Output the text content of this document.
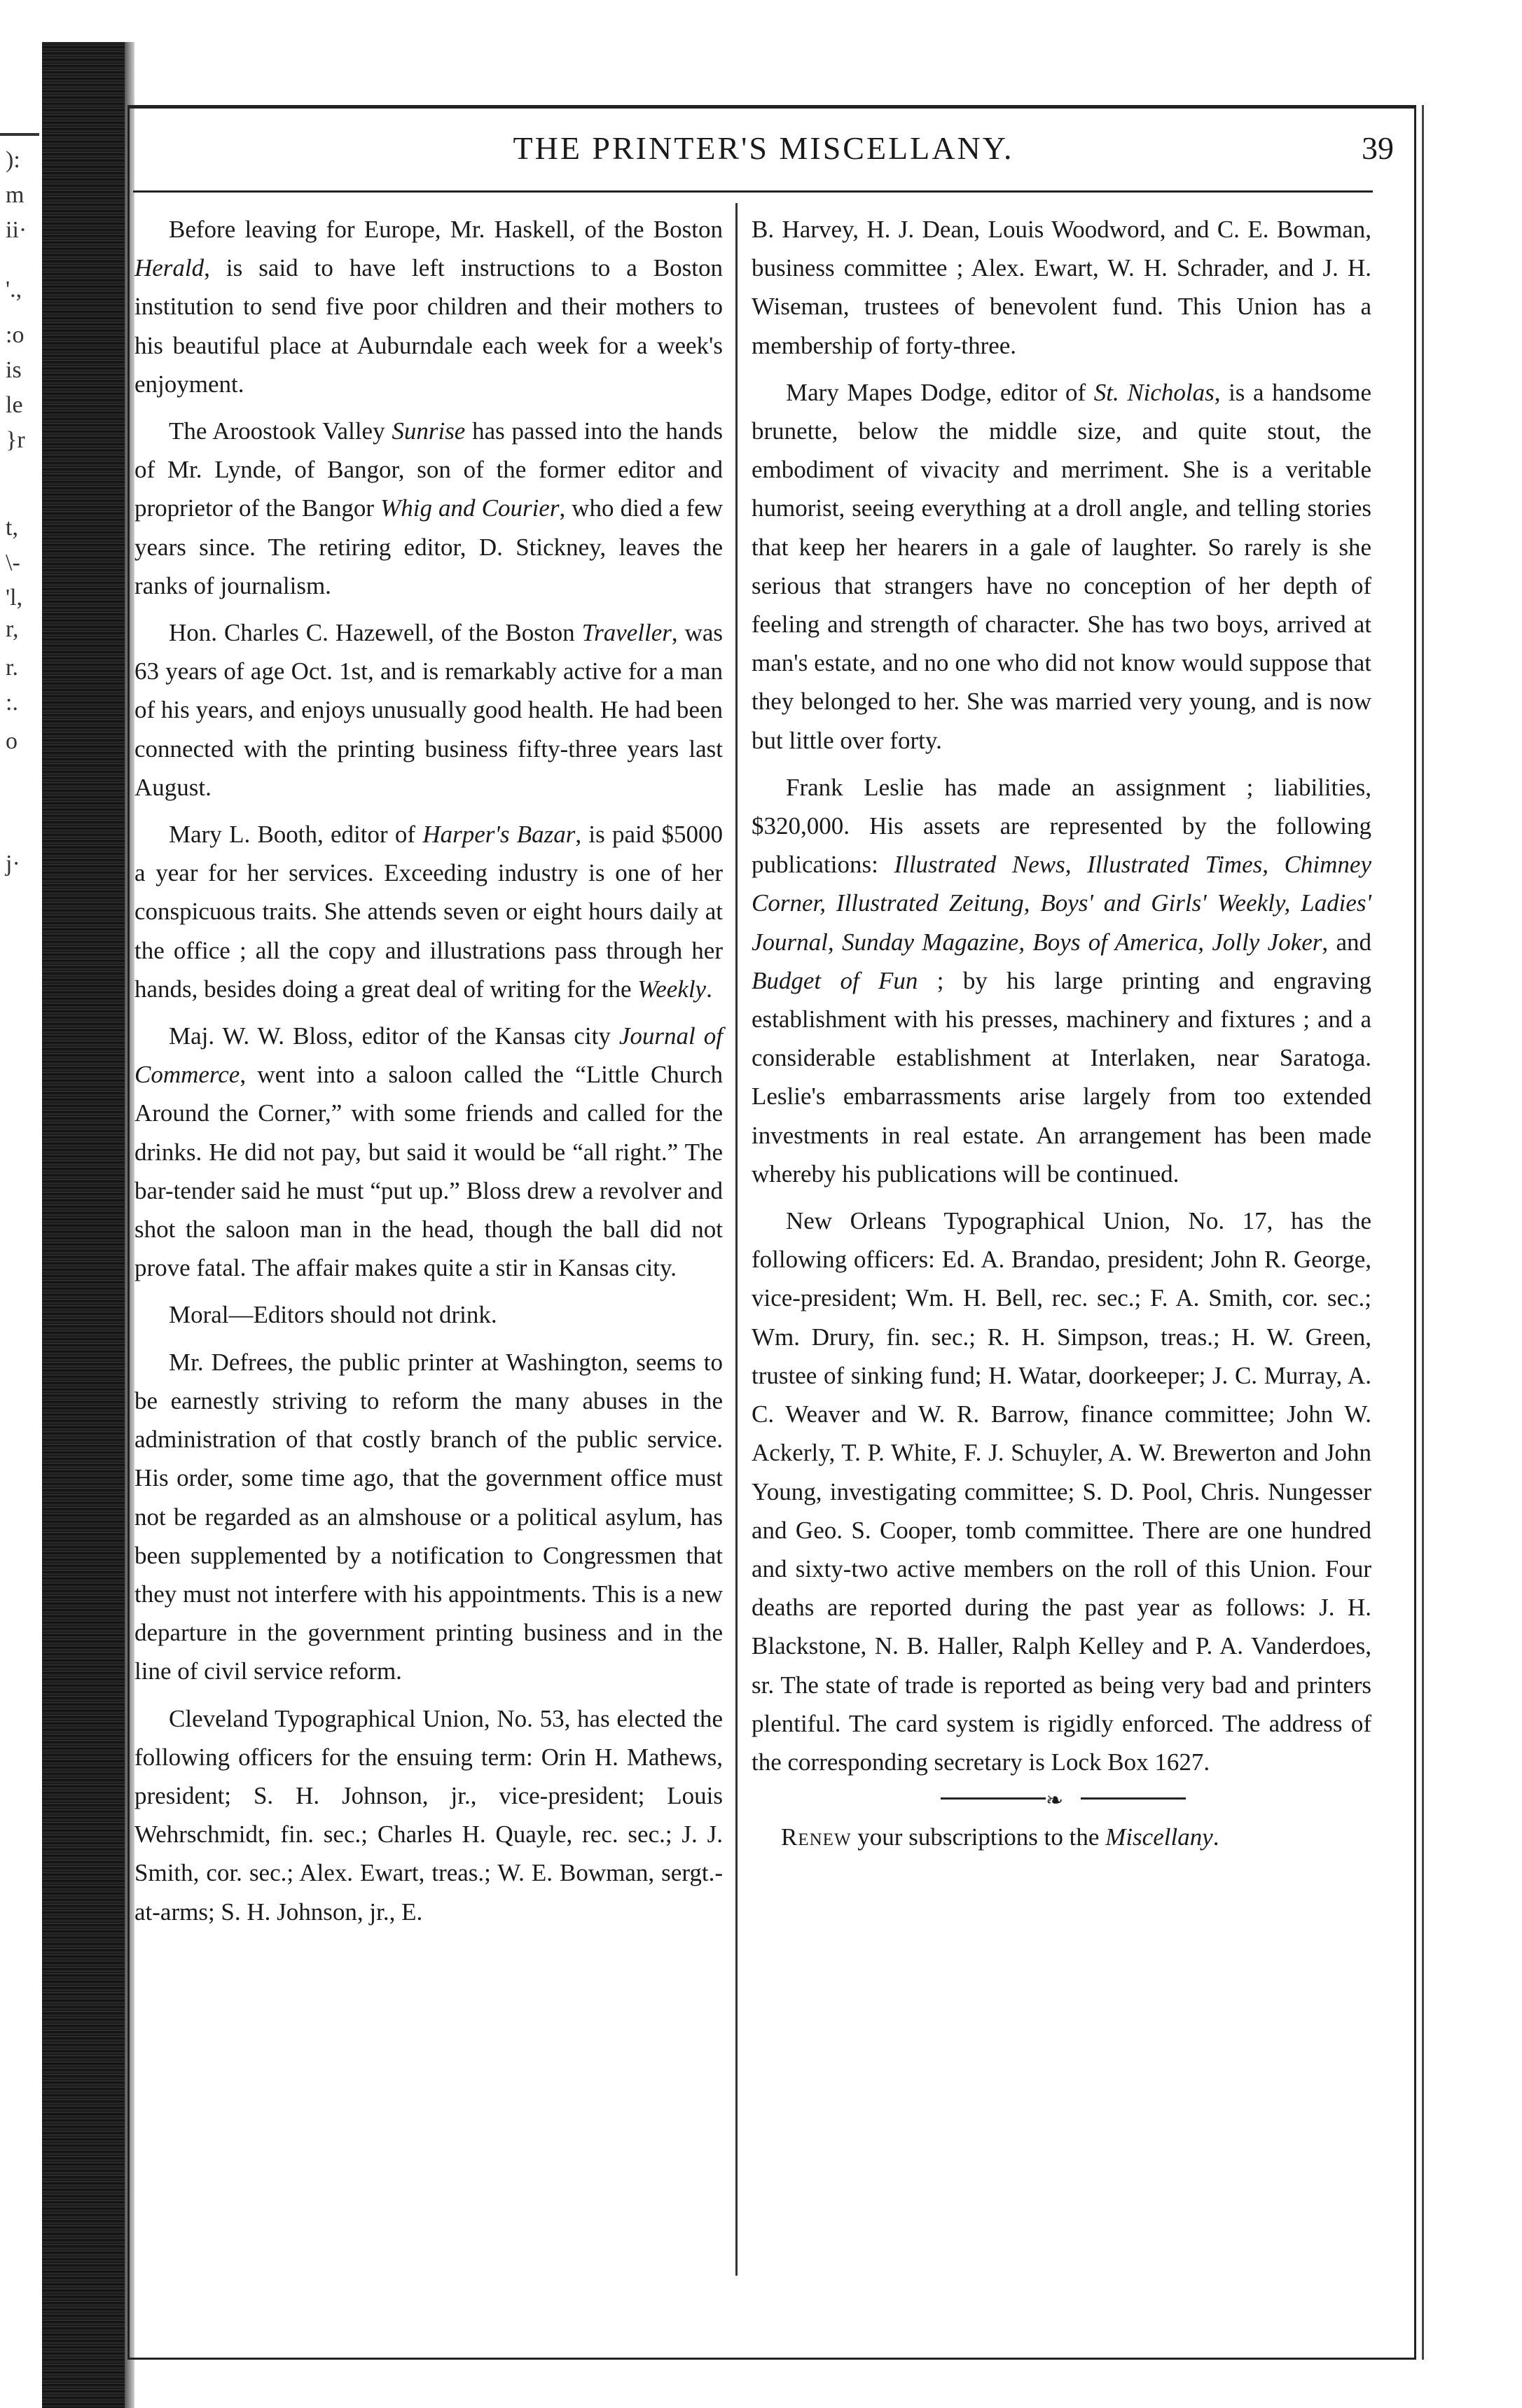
):
m
ii·
'.,
:o
is
le
}r
t,
\-
'l,
r,
r.
:.
o
j·
THE PRINTER'S MISCELLANY.	39

Before leaving for Europe, Mr. Haskell, of the Boston Herald, is said to have left instructions to a Boston institution to send five poor children and their mothers to his beautiful place at Auburndale each week for a week's enjoyment.

The Aroostook Valley Sunrise has passed into the hands of Mr. Lynde, of Bangor, son of the former editor and proprietor of the Bangor Whig and Courier, who died a few years since. The retiring editor, D. Stickney, leaves the ranks of journalism.

Hon. Charles C. Hazewell, of the Boston Traveller, was 63 years of age Oct. 1st, and is remarkably active for a man of his years, and enjoys unusually good health. He had been connected with the printing business fifty-three years last August.

Mary L. Booth, editor of Harper's Bazar, is paid $5000 a year for her services. Exceeding industry is one of her conspicuous traits. She attends seven or eight hours daily at the office ; all the copy and illustrations pass through her hands, besides doing a great deal of writing for the Weekly.

Maj. W. W. Bloss, editor of the Kansas city Journal of Commerce, went into a saloon called the “Little Church Around the Corner,” with some friends and called for the drinks. He did not pay, but said it would be “all right.” The bar-tender said he must “put up.” Bloss drew a revolver and shot the saloon man in the head, though the ball did not prove fatal. The affair makes quite a stir in Kansas city.

Moral—Editors should not drink.

Mr. Defrees, the public printer at Washington, seems to be earnestly striving to reform the many abuses in the administration of that costly branch of the public service. His order, some time ago, that the government office must not be regarded as an almshouse or a political asylum, has been supplemented by a notification to Congressmen that they must not interfere with his appointments. This is a new departure in the government printing business and in the line of civil service reform.

Cleveland Typographical Union, No. 53, has elected the following officers for the ensuing term: Orin H. Mathews, president; S. H. Johnson, jr., vice-president; Louis Wehrschmidt, fin. sec.; Charles H. Quayle, rec. sec.; J. J. Smith, cor. sec.; Alex. Ewart, treas.; W. E. Bowman, sergt.-at-arms; S. H. Johnson, jr., E.

B. Harvey, H. J. Dean, Louis Woodword, and C. E. Bowman, business committee ; Alex. Ewart, W. H. Schrader, and J. H. Wiseman, trustees of benevolent fund. This Union has a membership of forty-three.

Mary Mapes Dodge, editor of St. Nicholas, is a handsome brunette, below the middle size, and quite stout, the embodiment of vivacity and merriment. She is a veritable humorist, seeing everything at a droll angle, and telling stories that keep her hearers in a gale of laughter. So rarely is she serious that strangers have no conception of her depth of feeling and strength of character. She has two boys, arrived at man's estate, and no one who did not know would suppose that they belonged to her. She was married very young, and is now but little over forty.

Frank Leslie has made an assignment ; liabilities, $320,000. His assets are represented by the following publications: Illustrated News, Illustrated Times, Chimney Corner, Illustrated Zeitung, Boys' and Girls' Weekly, Ladies' Journal, Sunday Magazine, Boys of America, Jolly Joker, and Budget of Fun ; by his large printing and engraving establishment with his presses, machinery and fixtures ; and a considerable establishment at Interlaken, near Saratoga. Leslie's embarrassments arise largely from too extended investments in real estate. An arrangement has been made whereby his publications will be continued.

New Orleans Typographical Union, No. 17, has the following officers: Ed. A. Brandao, president; John R. George, vice-president; Wm. H. Bell, rec. sec.; F. A. Smith, cor. sec.; Wm. Drury, fin. sec.; R. H. Simpson, treas.; H. W. Green, trustee of sinking fund; H. Watar, doorkeeper; J. C. Murray, A. C. Weaver and W. R. Barrow, finance committee; John W. Ackerly, T. P. White, F. J. Schuyler, A. W. Brewerton and John Young, investigating committee; S. D. Pool, Chris. Nungesser and Geo. S. Cooper, tomb committee. There are one hundred and sixty-two active members on the roll of this Union. Four deaths are reported during the past year as follows: J. H. Blackstone, N. B. Haller, Ralph Kelley and P. A. Vanderdoes, sr. The state of trade is reported as being very bad and printers plentiful. The card system is rigidly enforced. The address of the corresponding secretary is Lock Box 1627.

❧

Renew your subscriptions to the Miscellany.
